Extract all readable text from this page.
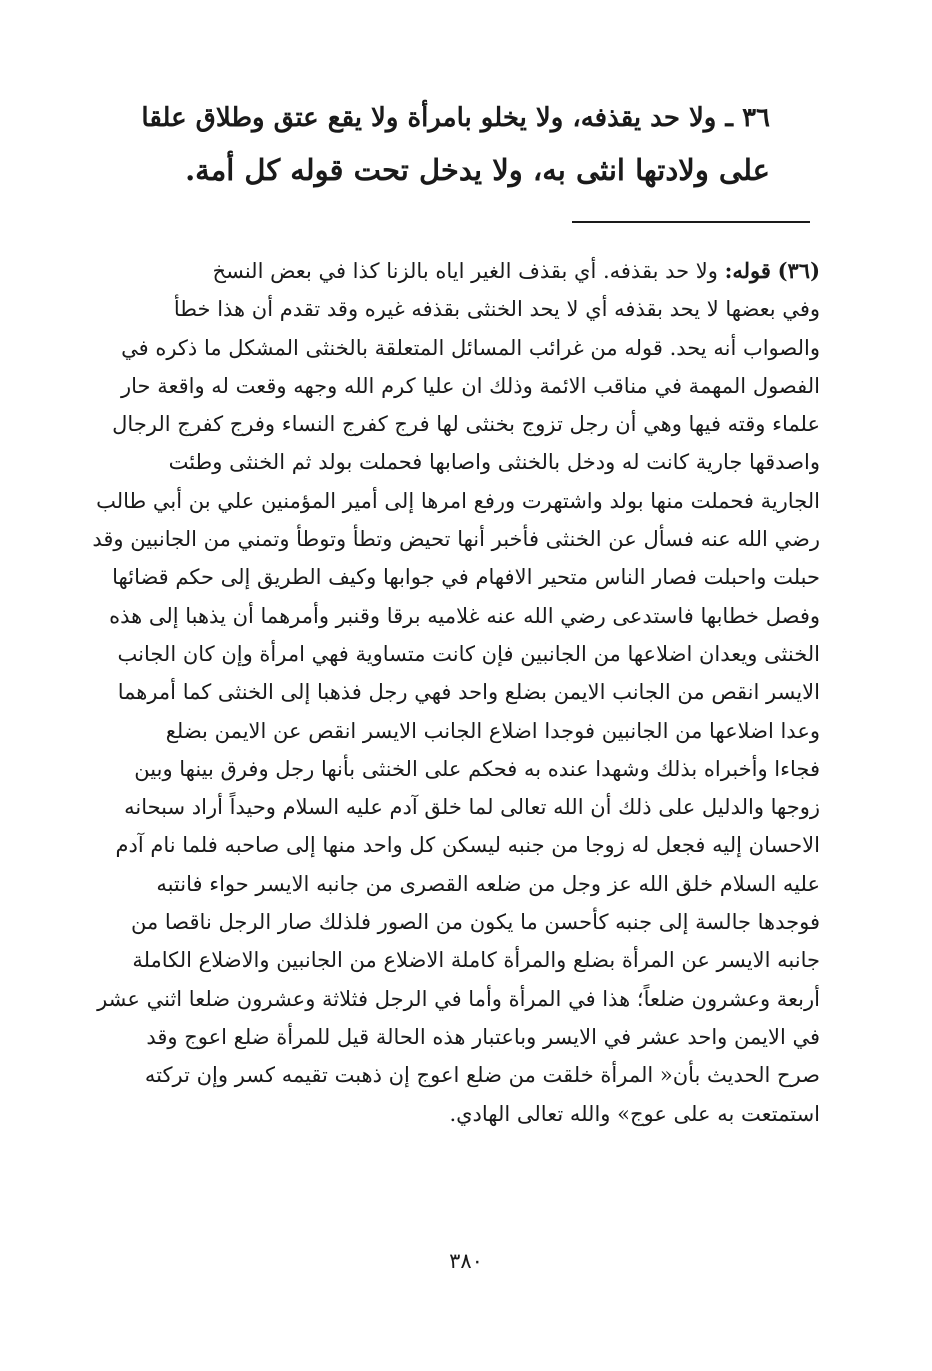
٣٦ ـ ولا حد يقذفه، ولا يخلو بامرأة ولا يقع عتق وطلاق علقا
على ولادتها انثى به، ولا يدخل تحت قوله كل أمة.
(٣٦) قوله: ولا حد بقذفه. أي بقذف الغير اياه بالزنا كذا في بعض النسخ
وفي بعضها لا يحد بقذفه أي لا يحد الخنثى بقذفه غيره وقد تقدم أن هذا خطأ
والصواب أنه يحد. قوله من غرائب المسائل المتعلقة بالخنثى المشكل ما ذكره في
الفصول المهمة في مناقب الائمة وذلك ان عليا كرم الله وجهه وقعت له واقعة حار
علماء وقته فيها وهي أن رجل تزوج بخنثى لها فرج كفرج النساء وفرج كفرج الرجال
واصدقها جارية كانت له ودخل بالخنثى واصابها فحملت بولد ثم الخنثى وطئت
الجارية فحملت منها بولد واشتهرت ورفع امرها إلى أمير المؤمنين علي بن أبي طالب
رضي الله عنه فسأل عن الخنثى فأخبر أنها تحيض وتطأ وتوطأ وتمني من الجانبين وقد
حبلت واحبلت فصار الناس متحير الافهام في جوابها وكيف الطريق إلى حكم قضائها
وفصل خطابها فاستدعى رضي الله عنه غلاميه برقا وقنبر وأمرهما أن يذهبا إلى هذه
الخنثى ويعدان اضلاعها من الجانبين فإن كانت متساوية فهي امرأة وإن كان الجانب
الايسر انقص من الجانب الايمن بضلع واحد فهي رجل فذهبا إلى الخنثى كما أمرهما
وعدا اضلاعها من الجانبين فوجدا اضلاع الجانب الايسر انقص عن الايمن بضلع
فجاءا وأخبراه بذلك وشهدا عنده به فحكم على الخنثى بأنها رجل وفرق بينها وبين
زوجها والدليل على ذلك أن الله تعالى لما خلق آدم عليه السلام وحيداً أراد سبحانه
الاحسان إليه فجعل له زوجا من جنبه ليسكن كل واحد منها إلى صاحبه فلما نام آدم
عليه السلام خلق الله عز وجل من ضلعه القصرى من جانبه الايسر حواء فانتبه
فوجدها جالسة إلى جنبه كأحسن ما يكون من الصور فلذلك صار الرجل ناقصا من
جانبه الايسر عن المرأة بضلع والمرأة كاملة الاضلاع من الجانبين والاضلاع الكاملة
أربعة وعشرون ضلعاً؛ هذا في المرأة وأما في الرجل فثلاثة وعشرون ضلعا اثني عشر
في الايمن واحد عشر في الايسر وباعتبار هذه الحالة قيل للمرأة ضلع اعوج وقد
صرح الحديث بأن« المرأة خلقت من ضلع اعوج إن ذهبت تقيمه كسر وإن تركته
استمتعت به على عوج» والله تعالى الهادي.
٣٨٠
